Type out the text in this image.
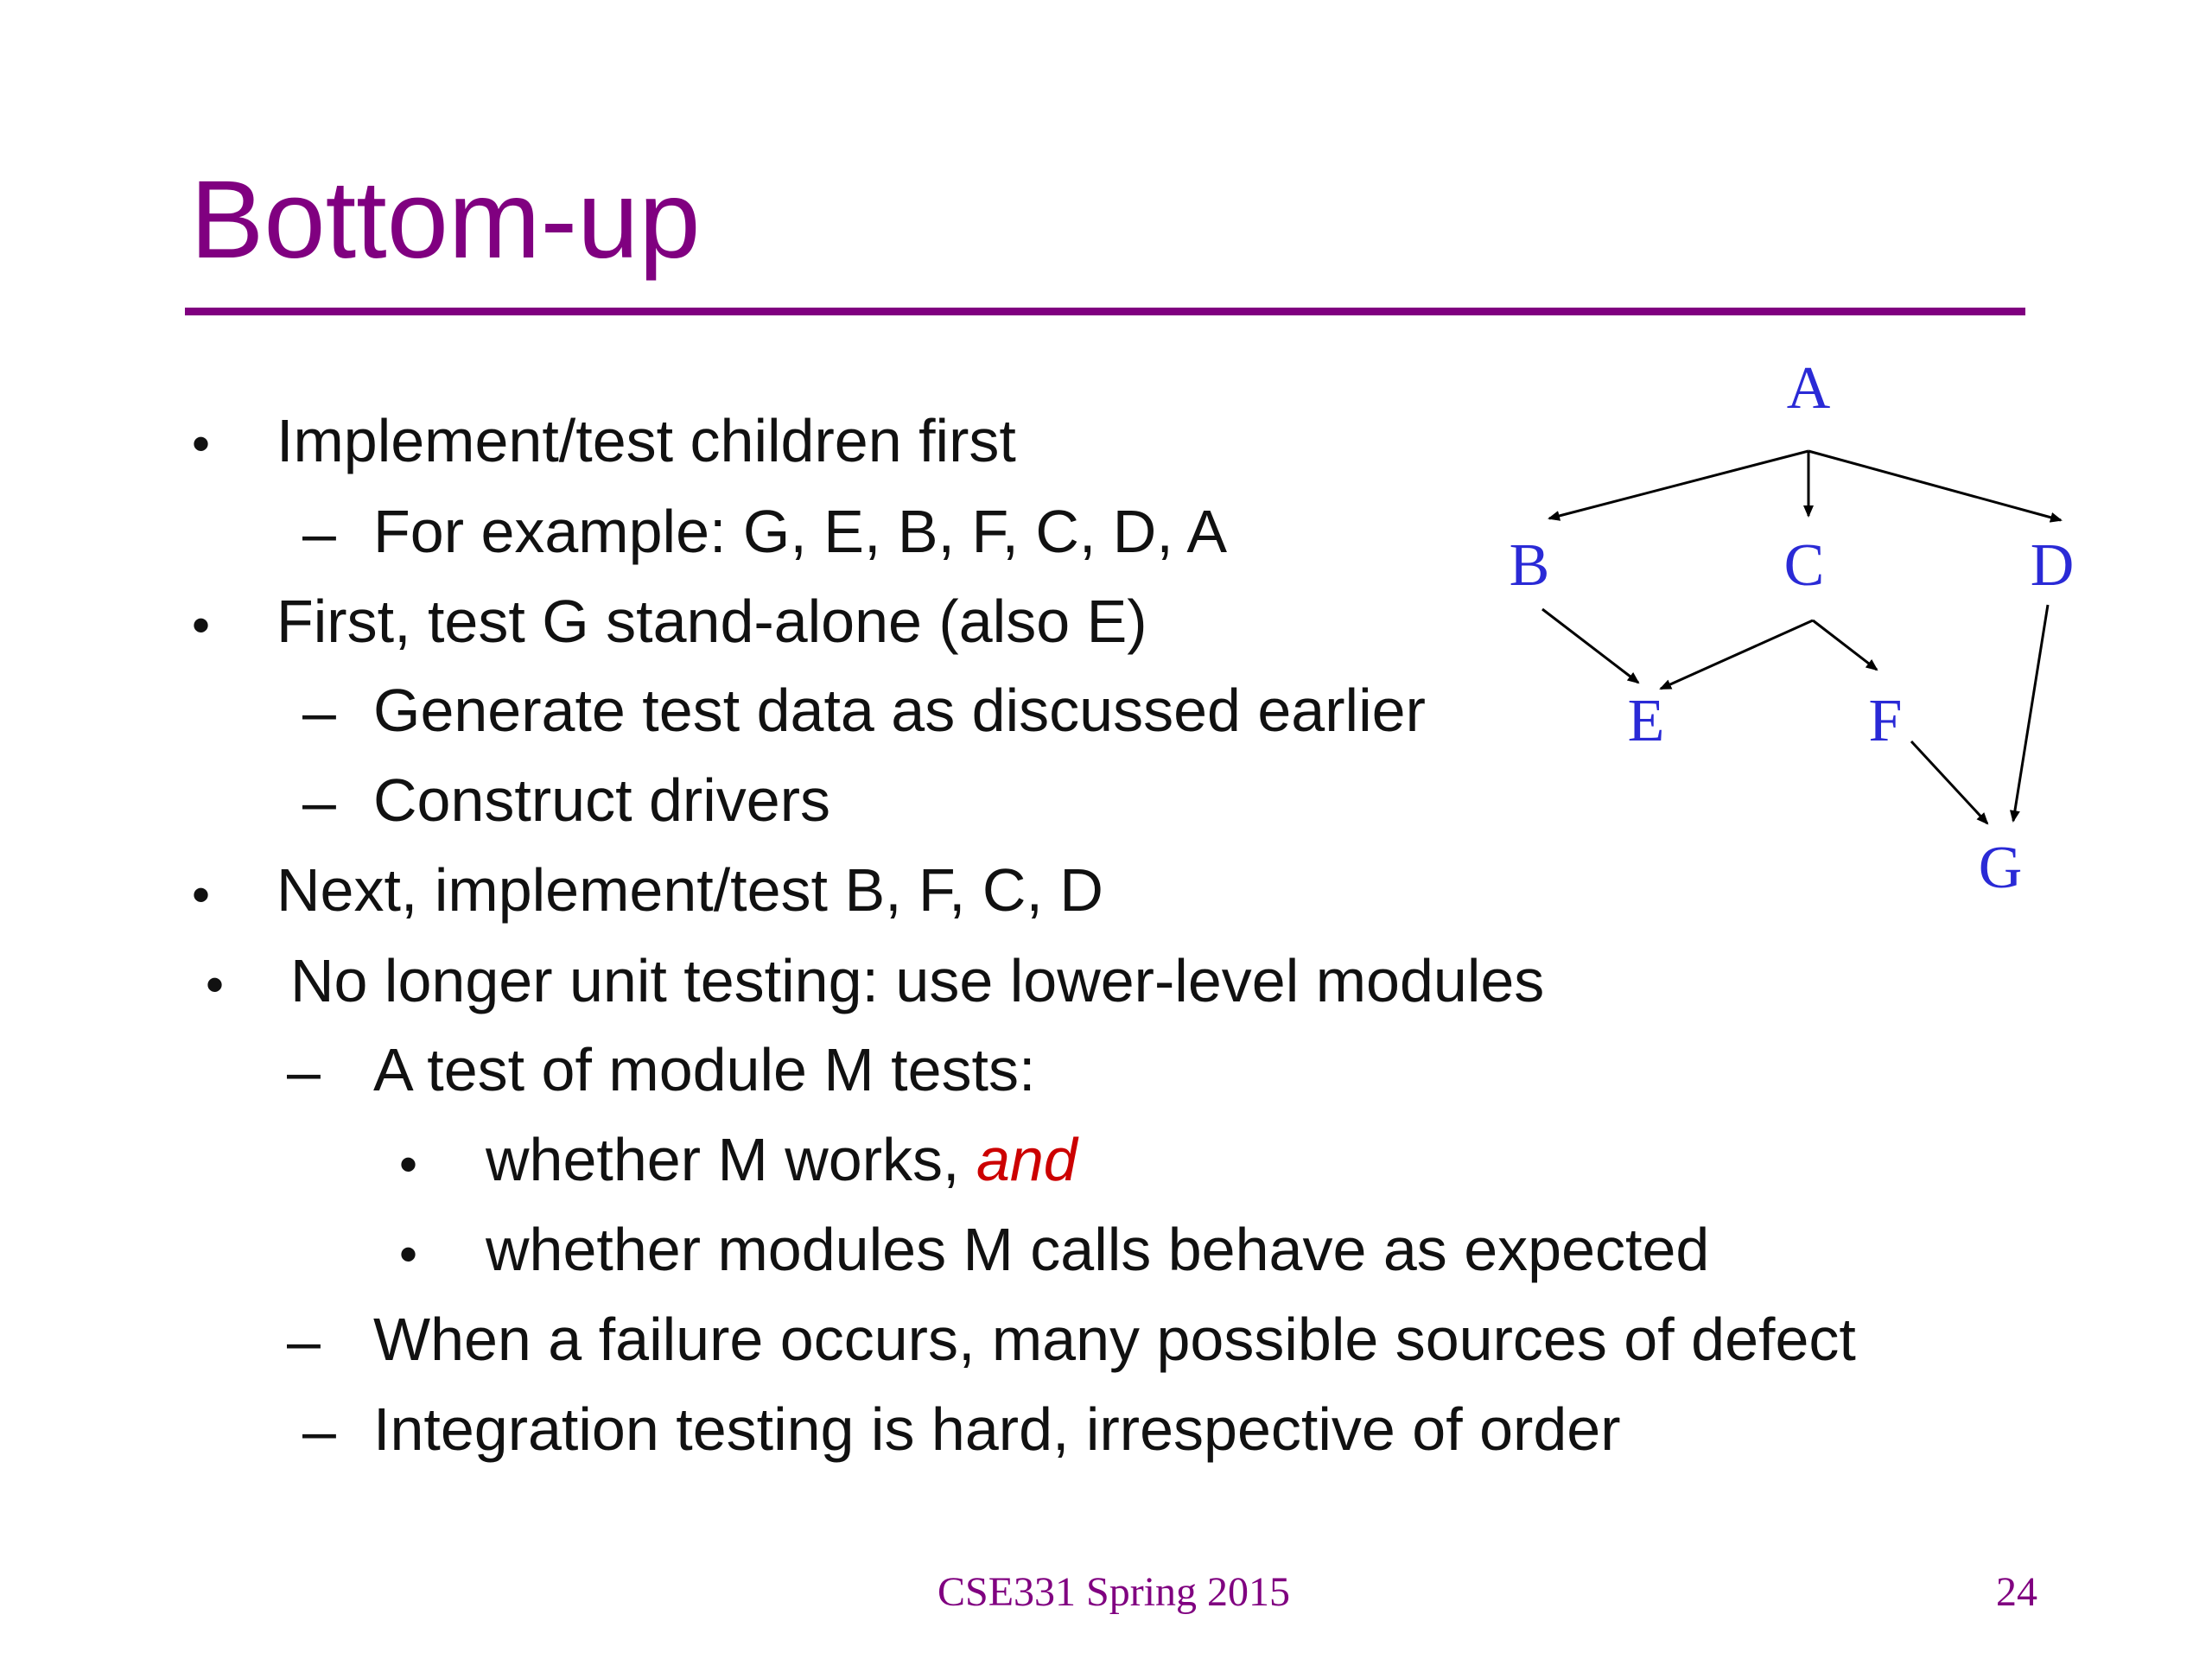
Bottom-up
• Implement/test children first
– For example: G, E, B, F, C, D, A
• First, test G stand-alone (also E)
– Generate test data as discussed earlier
– Construct drivers
• Next, implement/test B, F, C, D
• No longer unit testing: use lower-level modules
– A test of module M tests:
• whether M works, and
• whether modules M calls behave as expected
– When a failure occurs, many possible sources of defect
– Integration testing is hard, irrespective of order
A
B	C	D
E	F
G
CSE331 Spring 2015	24
